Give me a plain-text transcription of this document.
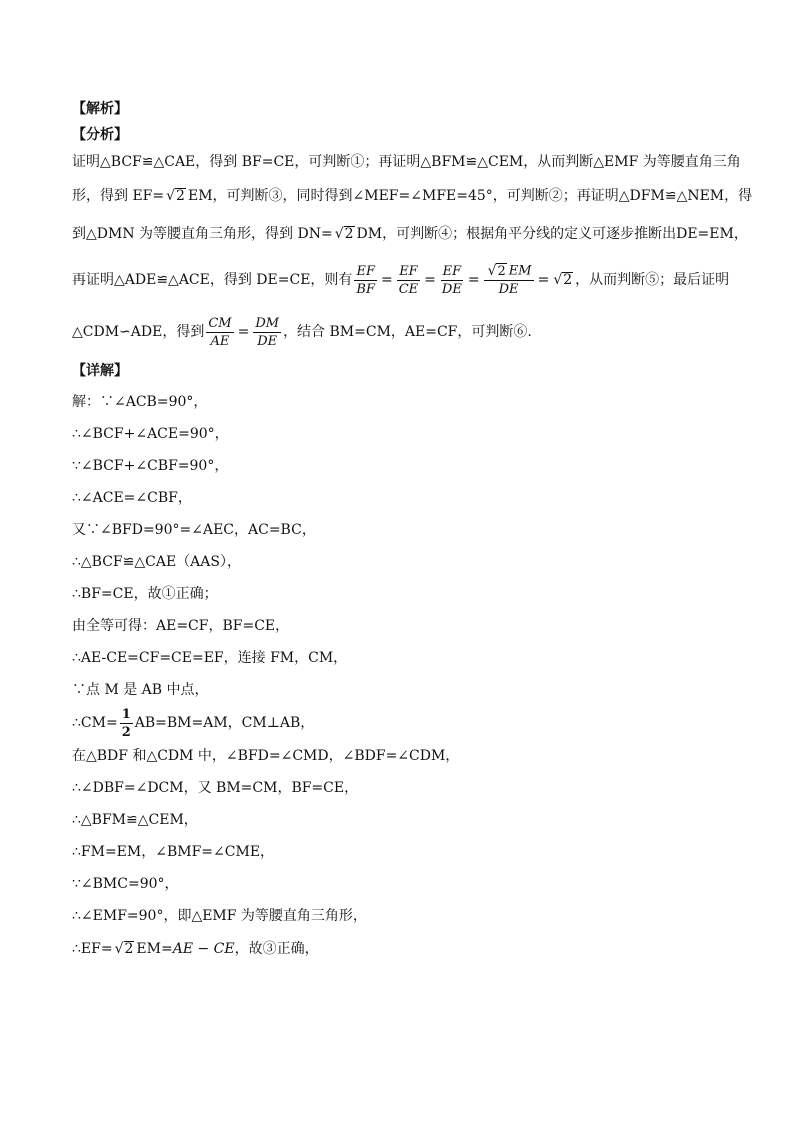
【解析】

【分析】

证明△BCF≌△CAE，得到 BF=CE，可判断①；再证明△BFM≌△CEM，从而判断△EMF 为等腰直角三角
形，得到 EF= √ 2 EM，可判断③，同时得到∠MEF=∠MFE=45°，可判断②；再证明△DFM≌△NEM，得
到△DMN 为等腰直角三角形，得到 DN= √ 2 DM，可判断④；根据角平分线的定义可逐步推断出DE=EM，
再证明△ADE≌△ACE，得到 DE=CE，则有 $\frac{EF}{BF} = \frac{EF}{CE} = \frac{EF}{DE} = \frac{√ 2 EM}{DE}$ = √ 2 ，从而判断⑤；最后证明
△CDM∽ADE，得到 $\frac{CM}{AE} = \frac{DM}{DE}$ ，结合 BM=CM，AE=CF，可判断⑥.

【详解】

解：∵∠ACB=90°，
∴∠BCF+∠ACE=90°，
∵∠BCF+∠CBF=90°，
∴∠ACE=∠CBF，
又∵∠BFD=90°=∠AEC，AC=BC，
∴△BCF≌△CAE（AAS），
∴BF=CE，故①正确；
由全等可得：AE=CF，BF=CE，
∴AE-CE=CF=CE=EF，连接 FM，CM，
∵点 M 是 AB 中点，
∴CM= $\frac{1}{2} AB=BM=AM$，CM⊥AB，
在△BDF 和△CDM 中，∠BFD=∠CMD，∠BDF=∠CDM，
∴∠DBF=∠DCM，又 BM=CM，BF=CE，
∴△BFM≌△CEM，
∴FM=EM，∠BMF=∠CME，
∵∠BMC=90°，
∴∠EMF=90°，即△EMF 为等腰直角三角形，
∴EF= √ 2 EM= AE − CE ，故③正确，
